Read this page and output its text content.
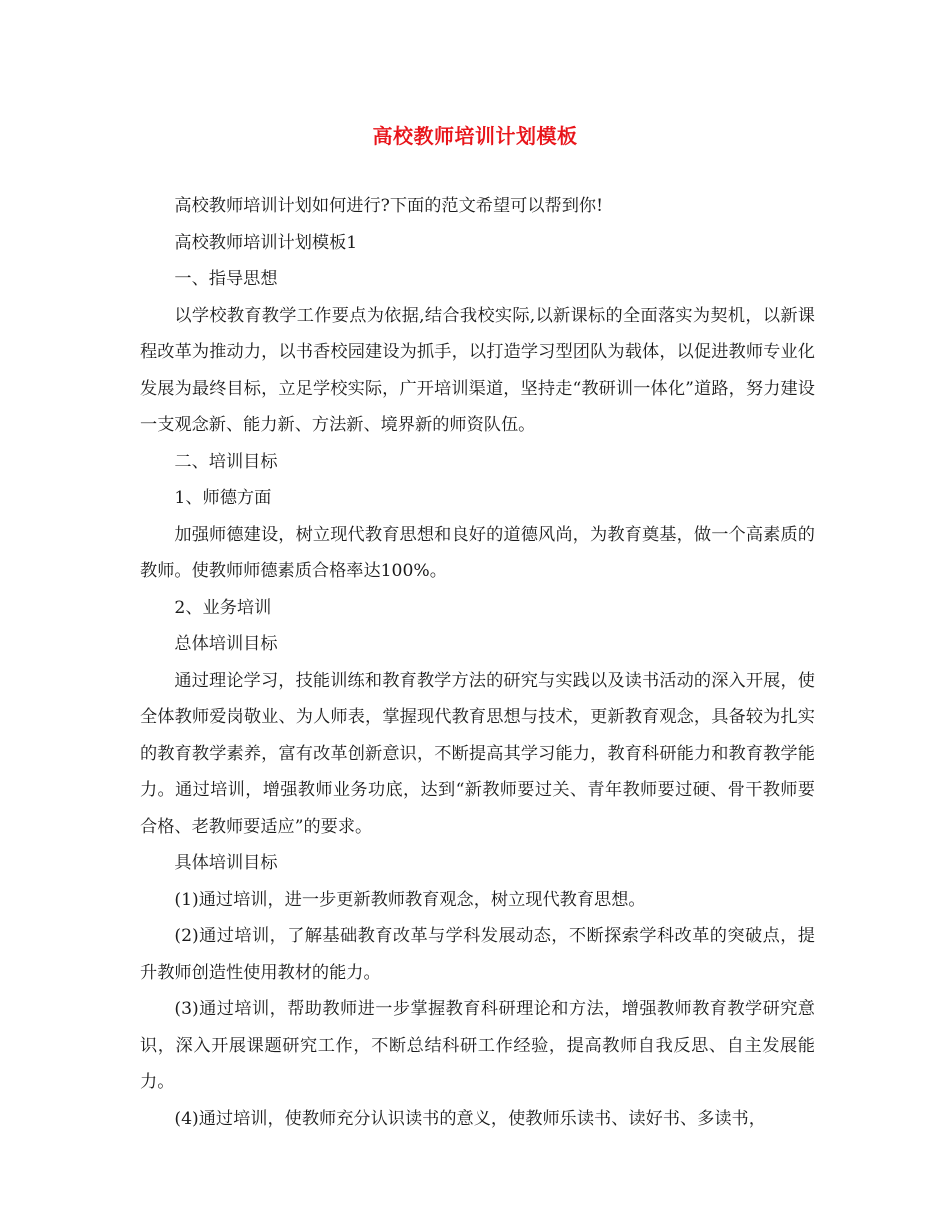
高校教师培训计划模板

高校教师培训计划如何进行?下面的范文希望可以帮到你!

高校教师培训计划模板1

一、指导思想

以学校教育教学工作要点为依据,结合我校实际,以新课标的全面落实为契机，以新课程改革为推动力，以书香校园建设为抓手，以打造学习型团队为载体，以促进教师专业化发展为最终目标，立足学校实际，广开培训渠道，坚持走“教研训一体化”道路，努力建设一支观念新、能力新、方法新、境界新的师资队伍。

二、培训目标

1、师德方面

加强师德建设，树立现代教育思想和良好的道德风尚，为教育奠基，做一个高素质的教师。使教师师德素质合格率达100%。

2、业务培训

总体培训目标

通过理论学习，技能训练和教育教学方法的研究与实践以及读书活动的深入开展，使全体教师爱岗敬业、为人师表，掌握现代教育思想与技术，更新教育观念，具备较为扎实的教育教学素养，富有改革创新意识，不断提高其学习能力，教育科研能力和教育教学能力。通过培训，增强教师业务功底，达到“新教师要过关、青年教师要过硬、骨干教师要合格、老教师要适应”的要求。

具体培训目标

(1)通过培训，进一步更新教师教育观念，树立现代教育思想。

(2)通过培训，了解基础教育改革与学科发展动态，不断探索学科改革的突破点，提升教师创造性使用教材的能力。

(3)通过培训，帮助教师进一步掌握教育科研理论和方法，增强教师教育教学研究意识，深入开展课题研究工作，不断总结科研工作经验，提高教师自我反思、自主发展能力。

(4)通过培训，使教师充分认识读书的意义，使教师乐读书、读好书、多读书，
